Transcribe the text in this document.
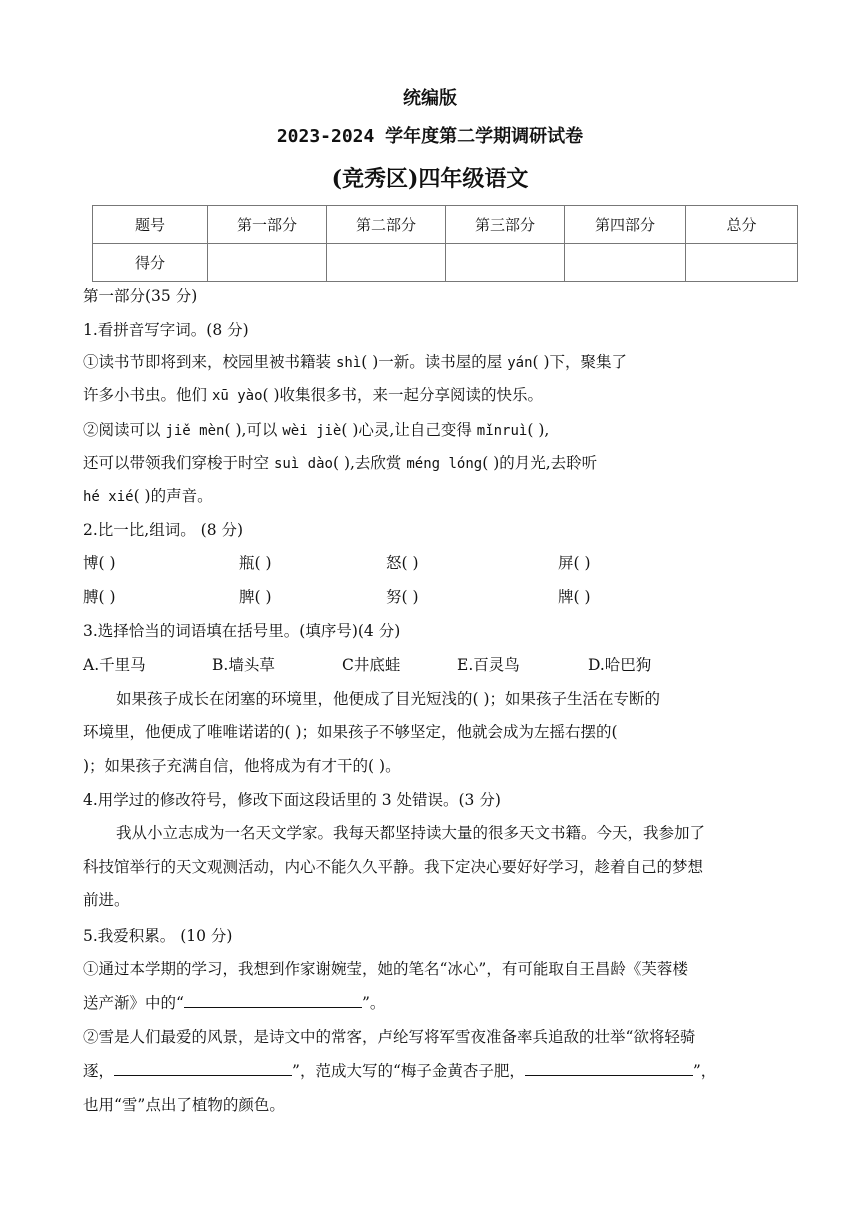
统编版
2023-2024 学年度第二学期调研试卷
(竞秀区)四年级语文
题号	第一部分	第二部分	第三部分	第四部分	总分
得分					
第一部分(35 分)
1.看拼音写字词。(8 分)
①读书节即将到来，校园里被书籍装 shì( )一新。读书屋的屋 yán( )下，聚集了
许多小书虫。他们 xū yào( )收集很多书，来一起分享阅读的快乐。
②阅读可以 jiě mèn( ),可以 wèi jiè( )心灵,让自己变得 mǐnruì( ),
还可以带领我们穿梭于时空 suì dào( ),去欣赏 méng lóng( )的月光,去聆听
hé xié( )的声音。
2.比一比,组词。 (8 分)
博( )	瓶( )	怒( )	屏( )
膊( )	脾( )	努( )	牌( )
3.选择恰当的词语填在括号里。(填序号)(4 分)
A.千里马	B.墙头草	C井底蛙	E.百灵鸟	D.哈巴狗
如果孩子成长在闭塞的环境里，他便成了目光短浅的( )；如果孩子生活在专断的
环境里，他便成了唯唯诺诺的( )；如果孩子不够坚定，他就会成为左摇右摆的(
)；如果孩子充满自信，他将成为有才干的( )。
4.用学过的修改符号，修改下面这段话里的 3 处错误。(3 分)
我从小立志成为一名天文学家。我每天都坚持读大量的很多天文书籍。今天，我参加了
科技馆举行的天文观测活动，内心不能久久平静。我下定决心要好好学习，趁着自己的梦想
前进。
5.我爱积累。 (10 分)
①通过本学期的学习，我想到作家谢婉莹，她的笔名“冰心”，有可能取自王昌龄《芙蓉楼
送产渐》中的“	”。
②雪是人们最爱的风景，是诗文中的常客，卢纶写将军雪夜准备率兵追敌的壮举“欲将轻骑
逐，	”，范成大写的“梅子金黄杏子肥，	”，
也用“雪”点出了植物的颜色。
